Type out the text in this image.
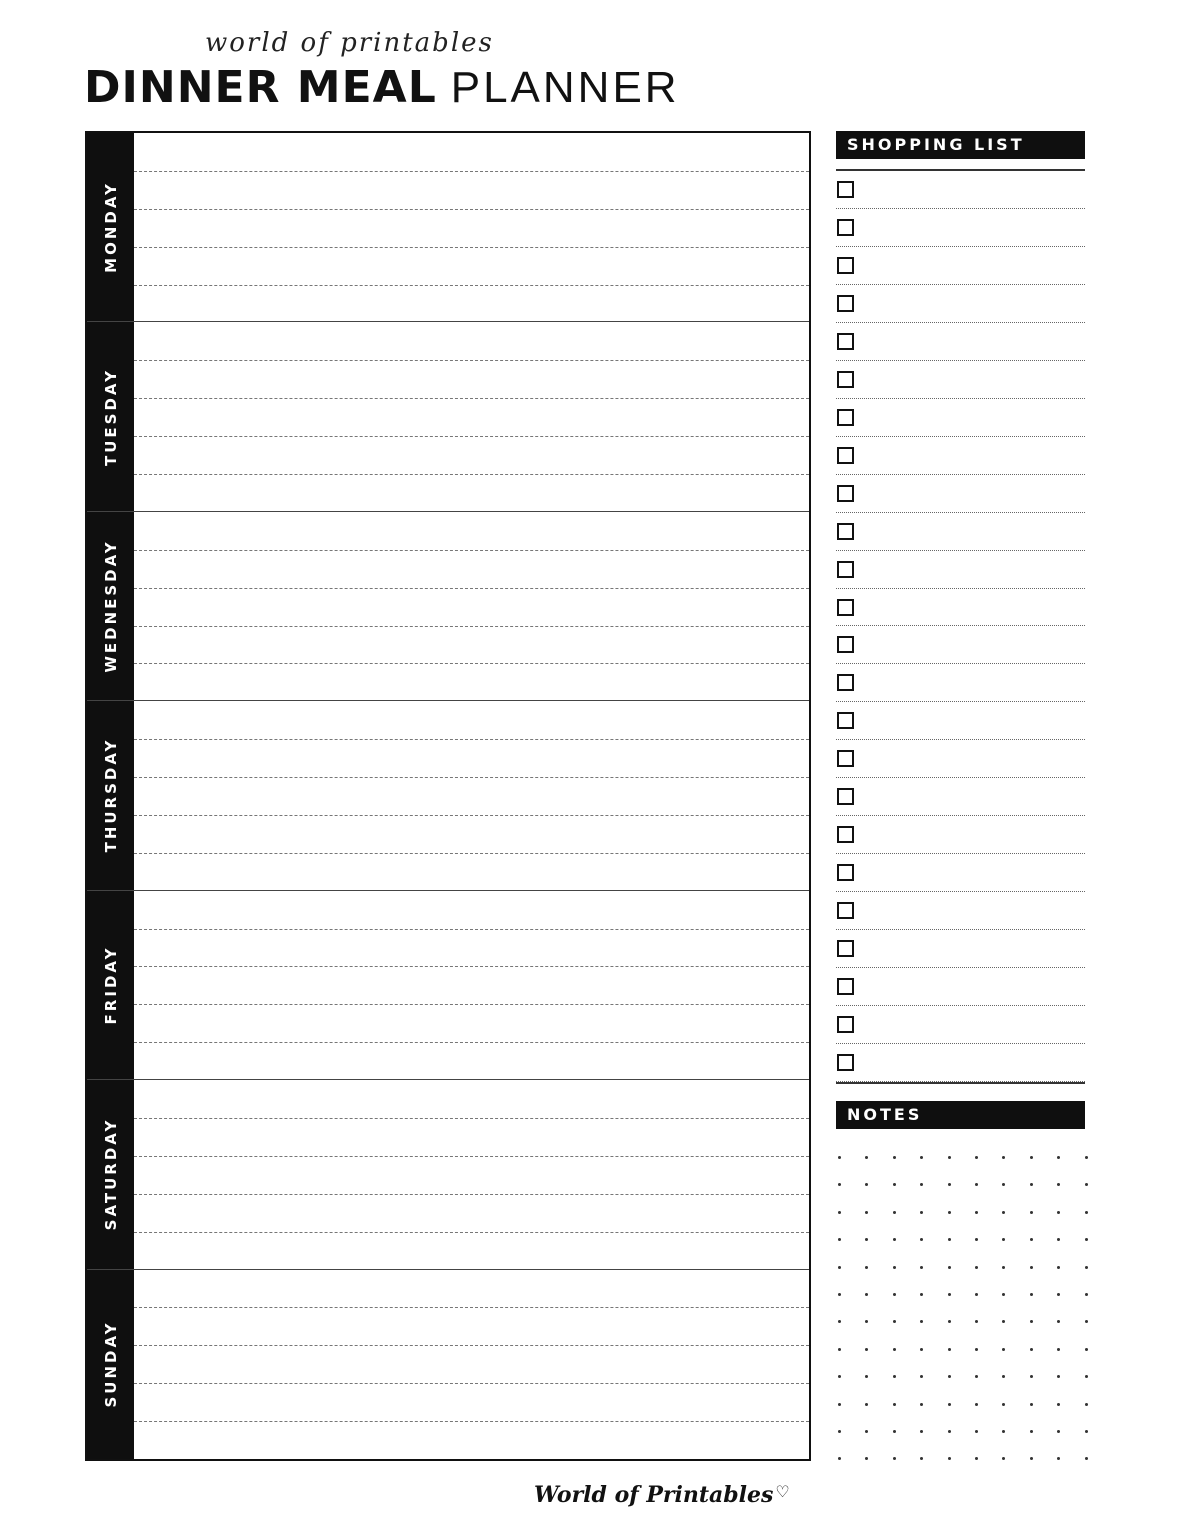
world of printables
DINNER MEAL PLANNER
MONDAY
TUESDAY
WEDNESDAY
THURSDAY
FRIDAY
SATURDAY
SUNDAY
SHOPPING LIST
NOTES
World of Printables ♡
